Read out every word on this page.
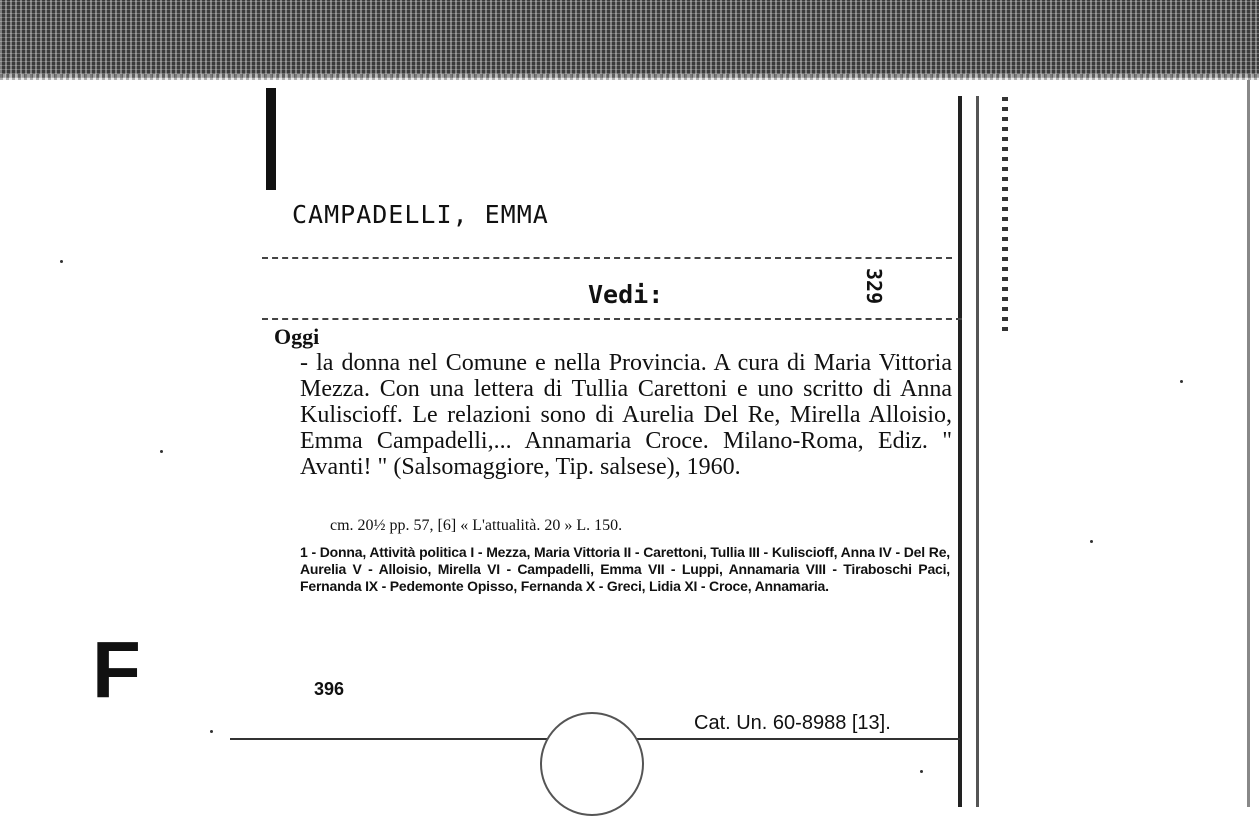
CAMPADELLI, EMMA
Vedi:	329
Oggi
- la donna nel Comune e nella Provincia. A cura di Maria Vittoria Mezza. Con una lettera di Tullia Carettoni e uno scritto di Anna Kuliscioff. Le relazioni sono di Aurelia Del Re, Mirella Alloisio, Emma Campadelli,... Annamaria Croce. Milano-Roma, Ediz. " Avanti! " (Salsomaggiore, Tip. salsese), 1960.
cm. 20½ pp. 57, [6] « L'attualità. 20 » L. 150.
1 - Donna, Attività politica I - Mezza, Maria Vittoria II - Carettoni, Tullia III - Kuliscioff, Anna IV - Del Re, Aurelia V - Alloisio, Mirella VI - Campadelli, Emma VII - Luppi, Annamaria VIII - Tiraboschi Paci, Fernanda IX - Pedemonte Opisso, Fernanda X - Greci, Lidia XI - Croce, Annamaria.
396
Cat. Un. 60-8988 [13].
F
